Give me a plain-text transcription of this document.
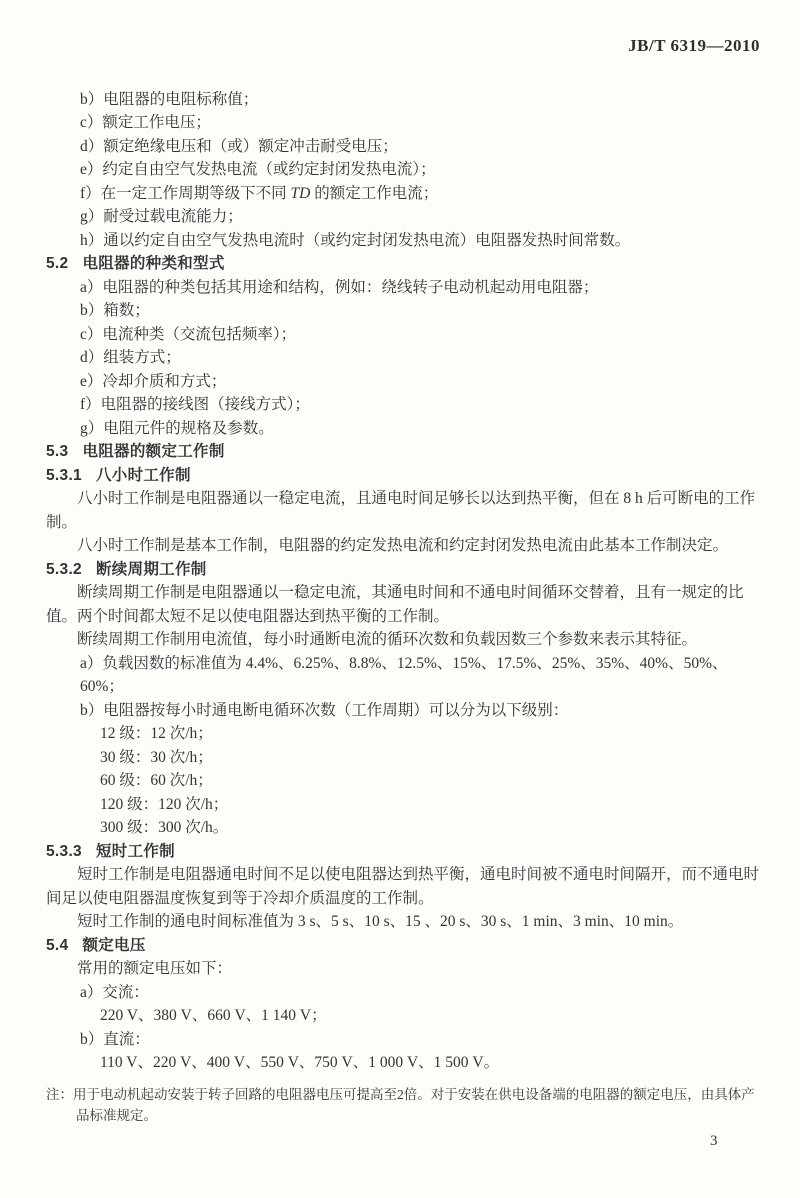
JB/T 6319—2010

b）电阻器的电阻标称值；

c）额定工作电压；

d）额定绝缘电压和（或）额定冲击耐受电压；

e）约定自由空气发热电流（或约定封闭发热电流）；

f）在一定工作周期等级下不同 TD 的额定工作电流；

g）耐受过载电流能力；

h）通以约定自由空气发热电流时（或约定封闭发热电流）电阻器发热时间常数。

5.2 电阻器的种类和型式

a）电阻器的种类包括其用途和结构，例如：绕线转子电动机起动用电阻器；

b）箱数；

c）电流种类（交流包括频率）；

d）组装方式；

e）冷却介质和方式；

f）电阻器的接线图（接线方式）；

g）电阻元件的规格及参数。

5.3 电阻器的额定工作制

5.3.1 八小时工作制

八小时工作制是电阻器通以一稳定电流，且通电时间足够长以达到热平衡，但在 8 h 后可断电的工作制。

八小时工作制是基本工作制，电阻器的约定发热电流和约定封闭发热电流由此基本工作制决定。

5.3.2 断续周期工作制

断续周期工作制是电阻器通以一稳定电流，其通电时间和不通电时间循环交替着，且有一规定的比值。两个时间都太短不足以使电阻器达到热平衡的工作制。

断续周期工作制用电流值，每小时通断电流的循环次数和负载因数三个参数来表示其特征。

a）负载因数的标准值为 4.4%、6.25%、8.8%、12.5%、15%、17.5%、25%、35%、40%、50%、60%；

b）电阻器按每小时通电断电循环次数（工作周期）可以分为以下级别：

12 级：12 次/h；

30 级：30 次/h；

60 级：60 次/h；

120 级：120 次/h；

300 级：300 次/h。

5.3.3 短时工作制

短时工作制是电阻器通电时间不足以使电阻器达到热平衡，通电时间被不通电时间隔开，而不通电时间足以使电阻器温度恢复到等于冷却介质温度的工作制。

短时工作制的通电时间标准值为 3 s、5 s、10 s、15 、20 s、30 s、1 min、3 min、10 min。

5.4 额定电压

常用的额定电压如下：

a）交流：

220 V、380 V、660 V、1 140 V；

b）直流：

110 V、220 V、400 V、550 V、750 V、1 000 V、1 500 V。

注：用于电动机起动安装于转子回路的电阻器电压可提高至2倍。对于安装在供电设备端的电阻器的额定电压，由具体产品标准规定。

3
